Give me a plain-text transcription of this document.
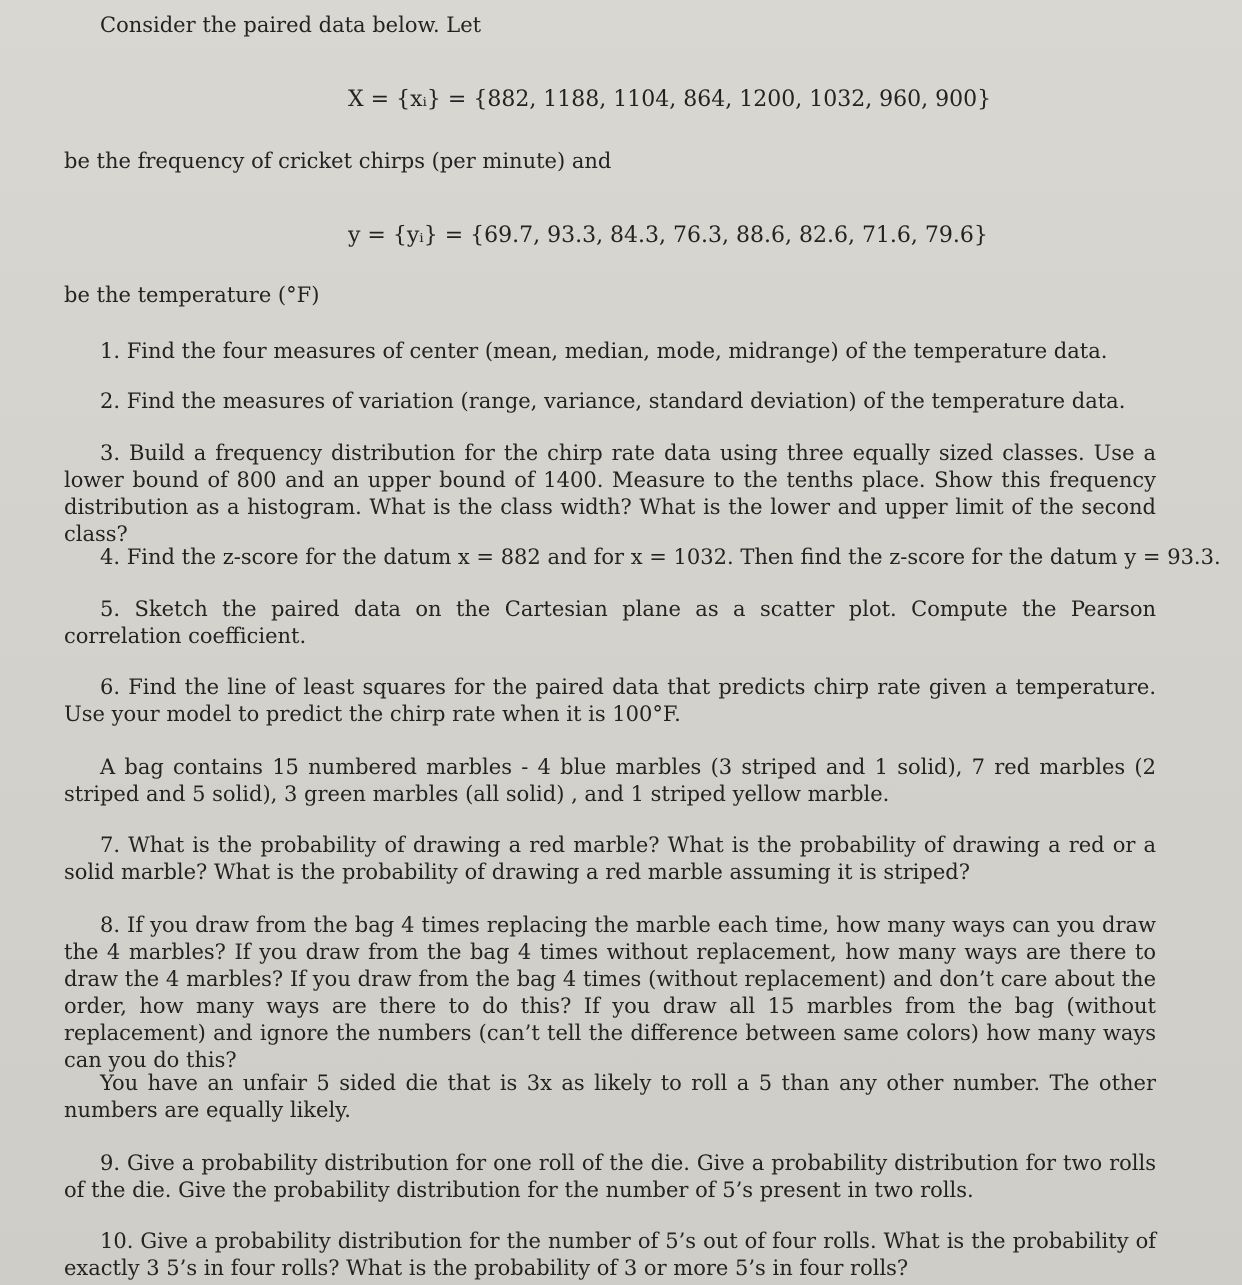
Consider the paired data below. Let
X = {xᵢ} = {882, 1188, 1104, 864, 1200, 1032, 960, 900}
be the frequency of cricket chirps (per minute) and
y = {yᵢ} = {69.7, 93.3, 84.3, 76.3, 88.6, 82.6, 71.6, 79.6}
be the temperature (°F)
1. Find the four measures of center (mean, median, mode, midrange) of the temperature data.
2. Find the measures of variation (range, variance, standard deviation) of the temperature data.
3. Build a frequency distribution for the chirp rate data using three equally sized classes. Use a lower bound of 800 and an upper bound of 1400. Measure to the tenths place. Show this frequency distribution as a histogram. What is the class width? What is the lower and upper limit of the second class?
4. Find the z-score for the datum x = 882 and for x = 1032. Then find the z-score for the datum y = 93.3.
5. Sketch the paired data on the Cartesian plane as a scatter plot. Compute the Pearson correlation coefficient.
6. Find the line of least squares for the paired data that predicts chirp rate given a temperature. Use your model to predict the chirp rate when it is 100°F.
A bag contains 15 numbered marbles - 4 blue marbles (3 striped and 1 solid), 7 red marbles (2 striped and 5 solid), 3 green marbles (all solid) , and 1 striped yellow marble.
7. What is the probability of drawing a red marble? What is the probability of drawing a red or a solid marble? What is the probability of drawing a red marble assuming it is striped?
8. If you draw from the bag 4 times replacing the marble each time, how many ways can you draw the 4 marbles? If you draw from the bag 4 times without replacement, how many ways are there to draw the 4 marbles? If you draw from the bag 4 times (without replacement) and don’t care about the order, how many ways are there to do this? If you draw all 15 marbles from the bag (without replacement) and ignore the numbers (can’t tell the difference between same colors) how many ways can you do this?
You have an unfair 5 sided die that is 3x as likely to roll a 5 than any other number. The other numbers are equally likely.
9. Give a probability distribution for one roll of the die. Give a probability distribution for two rolls of the die. Give the probability distribution for the number of 5’s present in two rolls.
10. Give a probability distribution for the number of 5’s out of four rolls. What is the probability of exactly 3 5’s in four rolls? What is the probability of 3 or more 5’s in four rolls?
